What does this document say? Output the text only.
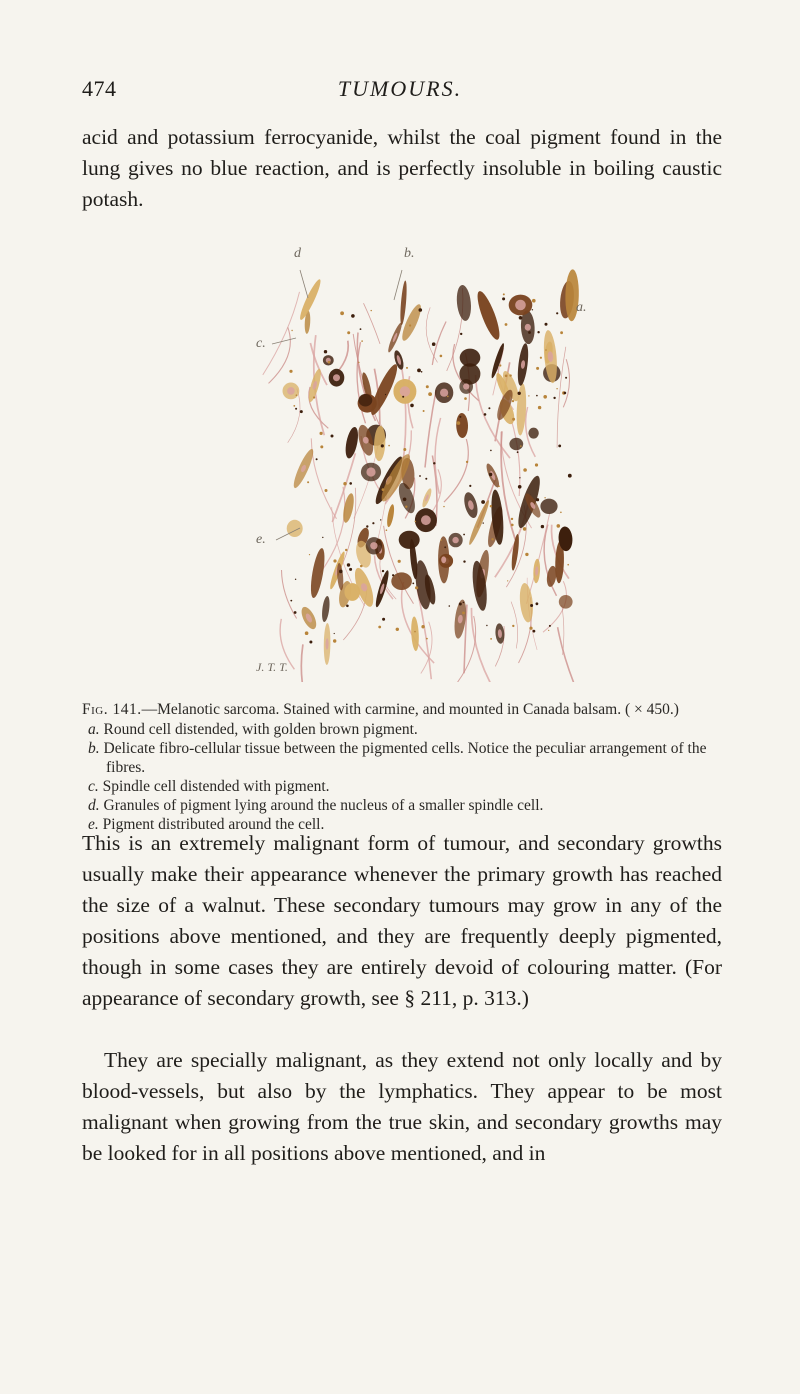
474	TUMOURS.

acid and potassium ferrocyanide, whilst the coal pigment found in the lung gives no blue reaction, and is perfectly insoluble in boiling caustic potash.

d	b.
a.
c.
e.
J. T. T.

Fig. 141.—Melanotic sarcoma. Stained with carmine, and mounted in Canada balsam. ( × 450.)

a. Round cell distended, with golden brown pigment.

b. Delicate fibro-cellular tissue between the pigmented cells. Notice the peculiar arrangement of the fibres.

c. Spindle cell distended with pigment.

d. Granules of pigment lying around the nucleus of a smaller spindle cell.

e. Pigment distributed around the cell.

This is an extremely malignant form of tumour, and secondary growths usually make their appearance whenever the primary growth has reached the size of a walnut. These secondary tumours may grow in any of the positions above mentioned, and they are frequently deeply pigmented, though in some cases they are entirely devoid of colouring matter. (For appearance of secondary growth, see § 211, p. 313.)

They are specially malignant, as they extend not only locally and by blood-vessels, but also by the lymphatics. They appear to be most malignant when growing from the true skin, and secondary growths may be looked for in all positions above mentioned, and in
